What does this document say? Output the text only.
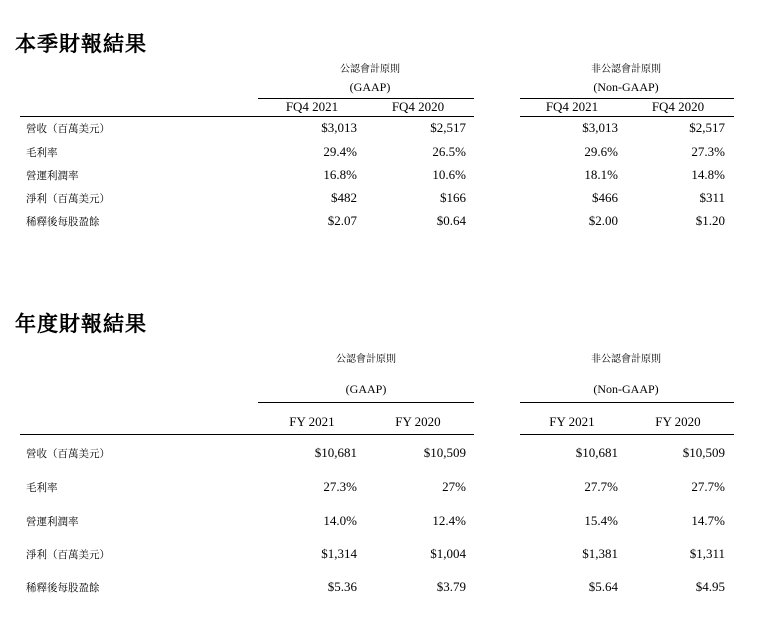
本季財報結果
公認會計原則
(GAAP)
非公認會計原則
(Non-GAAP)
FQ4 2021	FQ4 2020	FQ4 2021	FQ4 2020
營收（百萬美元）	$3,013	$2,517	$3,013	$2,517
毛利率	29.4%	26.5%	29.6%	27.3%
營運利潤率	16.8%	10.6%	18.1%	14.8%
淨利（百萬美元）	$482	$166	$466	$311
稀釋後每股盈餘	$2.07	$0.64	$2.00	$1.20
年度財報結果
公認會計原則
(GAAP)
非公認會計原則
(Non-GAAP)
FY 2021	FY 2020	FY 2021	FY 2020
營收（百萬美元）	$10,681	$10,509	$10,681	$10,509
毛利率	27.3%	27%	27.7%	27.7%
營運利潤率	14.0%	12.4%	15.4%	14.7%
淨利（百萬美元）	$1,314	$1,004	$1,381	$1,311
稀釋後每股盈餘	$5.36	$3.79	$5.64	$4.95
